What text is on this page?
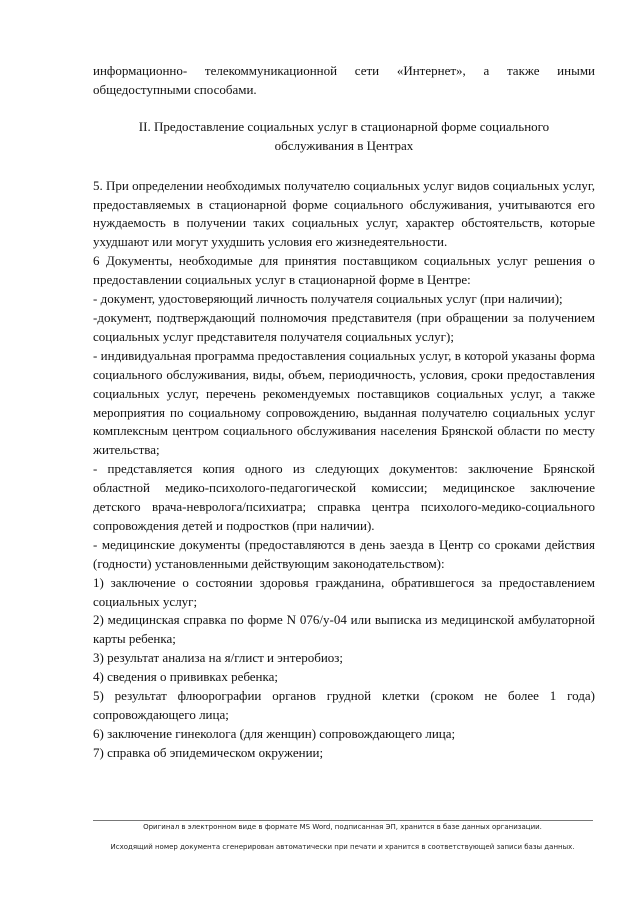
информационно- телекоммуникационной сети «Интернет», а также иными общедоступными способами.

II. Предоставление социальных услуг в стационарной форме социального
обслуживания в Центрах

5. При определении необходимых получателю социальных услуг видов социальных услуг, предоставляемых в стационарной форме социального обслуживания, учитываются его нуждаемость в получении таких социальных услуг, характер обстоятельств, которые ухудшают или могут ухудшить условия его жизнедеятельности.

6 Документы, необходимые для принятия поставщиком социальных услуг решения о предоставлении социальных услуг в стационарной форме в Центре:

- документ, удостоверяющий личность получателя социальных услуг (при наличии);

-документ, подтверждающий полномочия представителя (при обращении за получением социальных услуг представителя получателя социальных услуг);

- индивидуальная программа предоставления социальных услуг, в которой указаны форма социального обслуживания, виды, объем, периодичность, условия, сроки предоставления социальных услуг, перечень рекомендуемых поставщиков социальных услуг, а также мероприятия по социальному сопровождению, выданная получателю социальных услуг комплексным центром социального обслуживания населения Брянской области по месту жительства;

- представляется копия одного из следующих документов: заключение Брянской областной медико-психолого-педагогической комиссии; медицинское заключение детского врача-невролога/психиатра; справка центра психолого-медико-социального сопровождения детей и подростков (при наличии).

- медицинские документы (предоставляются в день заезда в Центр со сроками действия (годности) установленными действующим законодательством):

1) заключение о состоянии здоровья гражданина, обратившегося за предоставлением социальных услуг;

2) медицинская справка по форме N 076/у-04 или выписка из медицинской амбулаторной карты ребенка;

3) результат анализа на я/глист и энтеробиоз;

4) сведения о прививках ребенка;

5) результат флюорографии органов грудной клетки (сроком не более 1 года) сопровождающего лица;

6) заключение гинеколога (для женщин) сопровождающего лица;

7) справка об эпидемическом окружении;

Оригинал в электронном виде в формате MS Word, подписанная ЭП, хранится в базе данных организации.
Исходящий номер документа сгенерирован автоматически при печати и хранится в соответствующей записи базы данных.
